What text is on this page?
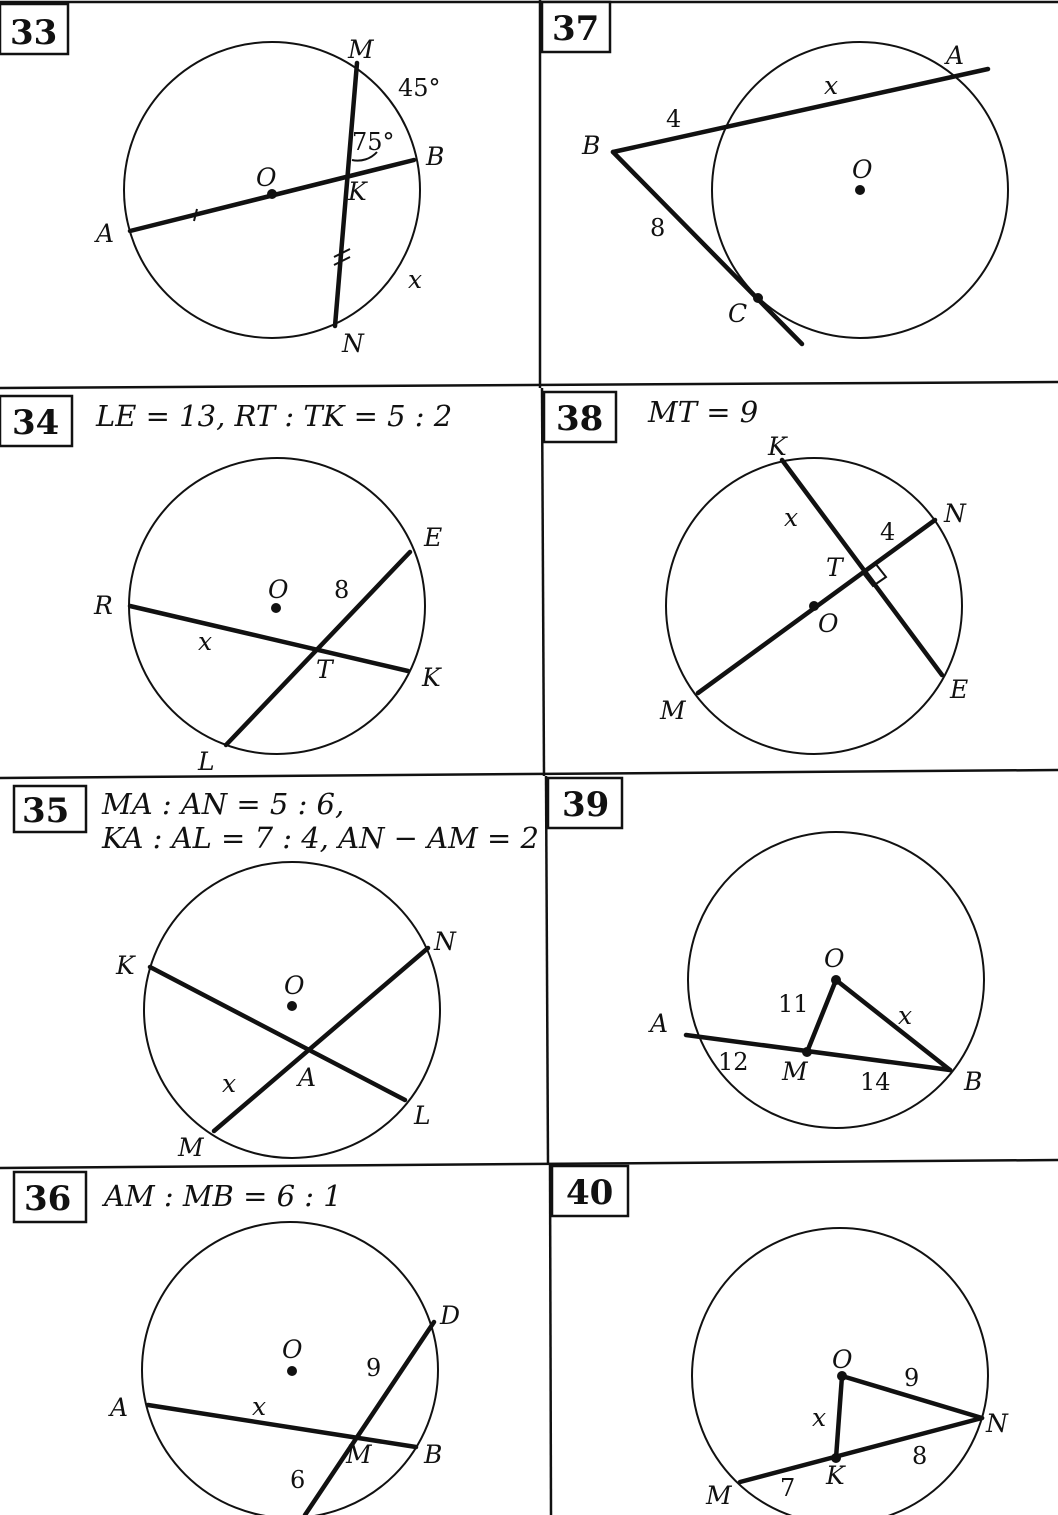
33	M
B
A
O	K
N
x
45°
75°
37
A
B
C
O
x
4
8
34 LE = 13, RT : TK = 5 : 2
R
E
K
L
T
O
x
8
38 MT = 9
K
N
E
M
T
O
x	4
35 MA : AN = 5 : 6,
KA : AL = 7 : 4, AN − AM = 2
K
N
L
M
A
O
x
39
A
B
M
O
x
11
12
14
36 AM : MB = 6 : 1
A
B
D
M
O
x
9
6
40
M
N
K
O
x
9
7
8
